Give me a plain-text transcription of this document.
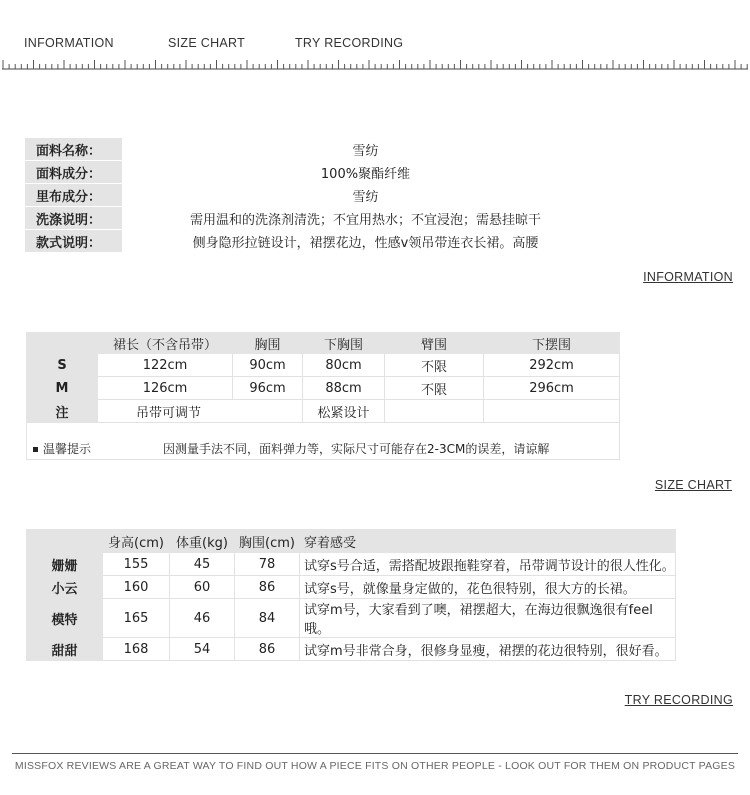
INFORMATION	SIZE CHART	TRY RECORDING
面料名称：	雪纺
面料成分：	100%聚酯纤维
里布成分：	雪纺
洗涤说明：	需用温和的洗涤剂清洗；不宜用热水；不宜浸泡；需悬挂晾干
款式说明：	侧身隐形拉链设计，裙摆花边，性感v领吊带连衣长裙。高腰
INFORMATION
	裙长（不含吊带）	胸围	下胸围	臂围	下摆围
S	122cm	90cm	80cm	不限	292cm
M	126cm	96cm	88cm	不限	296cm
注	吊带可调节		松紧设计		

温馨提示 因测量手法不同，面料弹力等，实际尺寸可能存在2-3CM的误差，请谅解					
SIZE CHART
	身高(cm)	体重(kg)	胸围(cm)	穿着感受
姗姗	155	45	78	试穿s号合适，需搭配坡跟拖鞋穿着，吊带调节设计的很人性化。
小云	160	60	86	试穿s号，就像量身定做的，花色很特别，很大方的长裙。
模特	165	46	84	试穿m号，大家看到了噢，裙摆超大，在海边很飘逸很有feel哦。
甜甜	168	54	86	试穿m号非常合身，很修身显瘦，裙摆的花边很特别，很好看。
TRY RECORDING
MISSFOX REVIEWS ARE A GREAT WAY TO FIND OUT HOW A PIECE FITS ON OTHER PEOPLE - LOOK OUT FOR THEM ON PRODUCT PAGES
